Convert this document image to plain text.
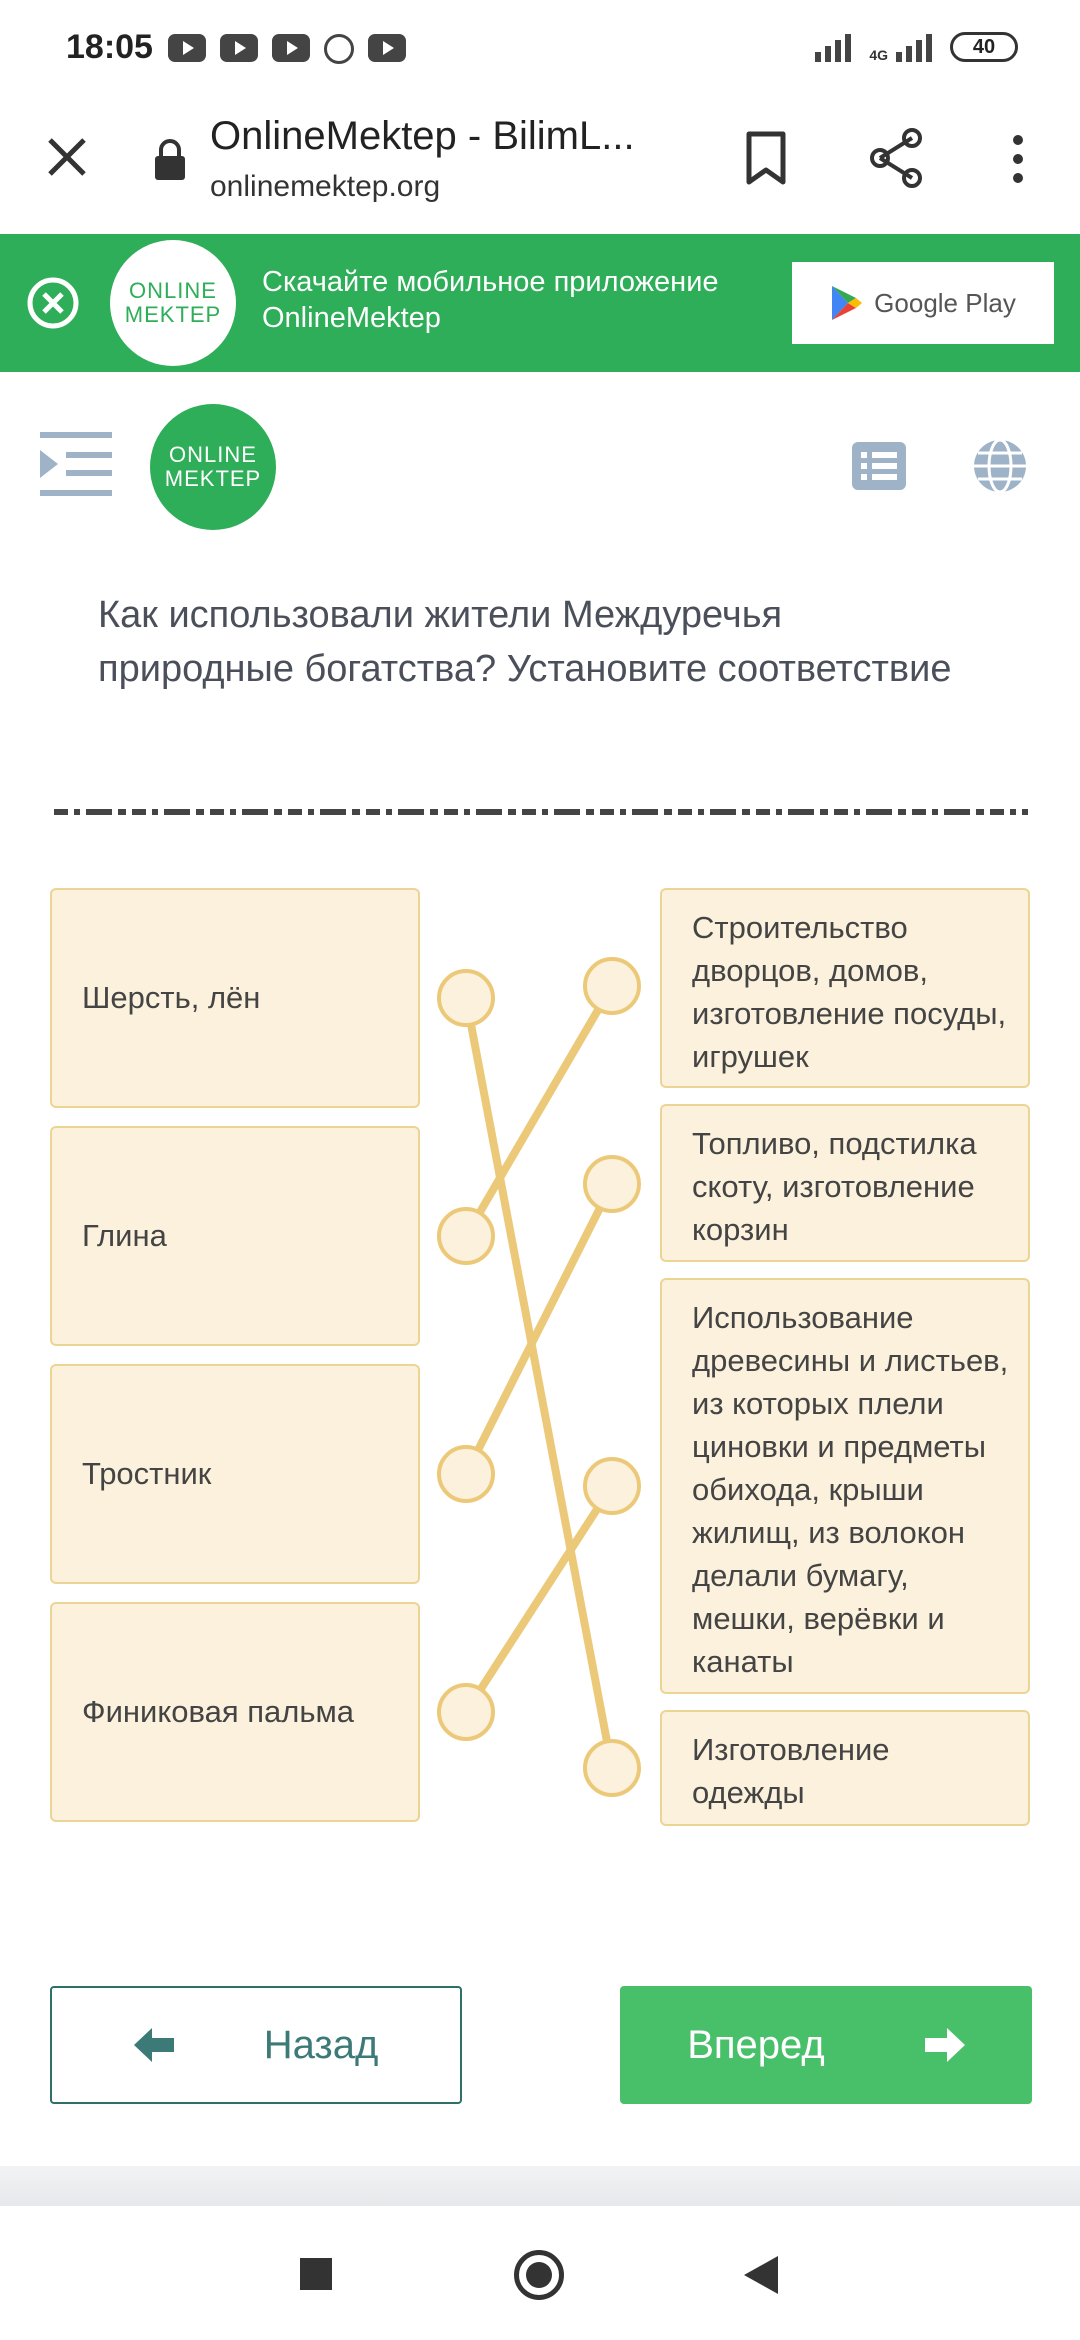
18:05	4G	40
OnlineMektep - BilimL...
onlinemektep.org
ONLINE
MEKTEP
Скачайте мобильное приложение
OnlineMektep	Google Play
ONLINE
MEKTEP
Как использовали жители Междуречья природные богатства? Установите соответствие
Шерсть, лён
Глина
Тростник
Финиковая пальма
Строительство дворцов, домов, изготовление посуды, игрушек
Топливо, подстилка скоту, изготовление корзин
Использование древесины и листьев, из которых плели циновки и предметы обихода, крыши жилищ, из волокон делали бумагу, мешки, верёвки и канаты
Изготовление одежды
Назад	Вперед
